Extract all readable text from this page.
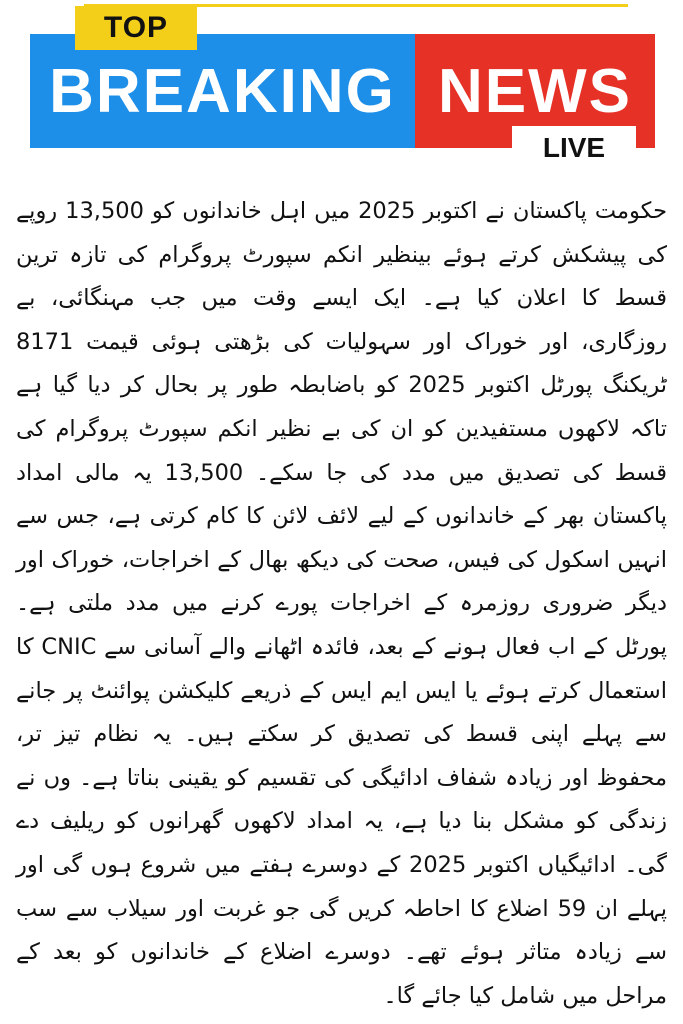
BREAKING NEWS
TOP
LIVE

حکومت پاکستان نے اکتوبر 2025 میں اہل خاندانوں کو 13,500 روپے کی پیشکش کرتے ہوئے بینظیر انکم سپورٹ پروگرام کی تازہ ترین قسط کا اعلان کیا ہے۔ ایک ایسے وقت میں جب مہنگائی، بے روزگاری، اور خوراک اور سہولیات کی بڑھتی ہوئی قیمت 8171 ٹریکنگ پورٹل اکتوبر 2025 کو باضابطہ طور پر بحال کر دیا گیا ہے تاکہ لاکھوں مستفیدین کو ان کی بے نظیر انکم سپورٹ پروگرام کی قسط کی تصدیق میں مدد کی جا سکے۔ 13,500 یہ مالی امداد پاکستان بھر کے خاندانوں کے لیے لائف لائن کا کام کرتی ہے، جس سے انہیں اسکول کی فیس، صحت کی دیکھ بھال کے اخراجات، خوراک اور دیگر ضروری روزمرہ کے اخراجات پورے کرنے میں مدد ملتی ہے۔ پورٹل کے اب فعال ہونے کے بعد، فائدہ اٹھانے والے آسانی سے CNIC کا استعمال کرتے ہوئے یا ایس ایم ایس کے ذریعے کلیکشن پوائنٹ پر جانے سے پہلے اپنی قسط کی تصدیق کر سکتے ہیں۔ یہ نظام تیز تر، محفوظ اور زیادہ شفاف ادائیگی کی تقسیم کو یقینی بناتا ہے۔ وں نے زندگی کو مشکل بنا دیا ہے، یہ امداد لاکھوں گھرانوں کو ریلیف دے گی۔ ادائیگیاں اکتوبر 2025 کے دوسرے ہفتے میں شروع ہوں گی اور پہلے ان 59 اضلاع کا احاطہ کریں گی جو غربت اور سیلاب سے سب سے زیادہ متاثر ہوئے تھے۔ دوسرے اضلاع کے خاندانوں کو بعد کے مراحل میں شامل کیا جائے گا۔
